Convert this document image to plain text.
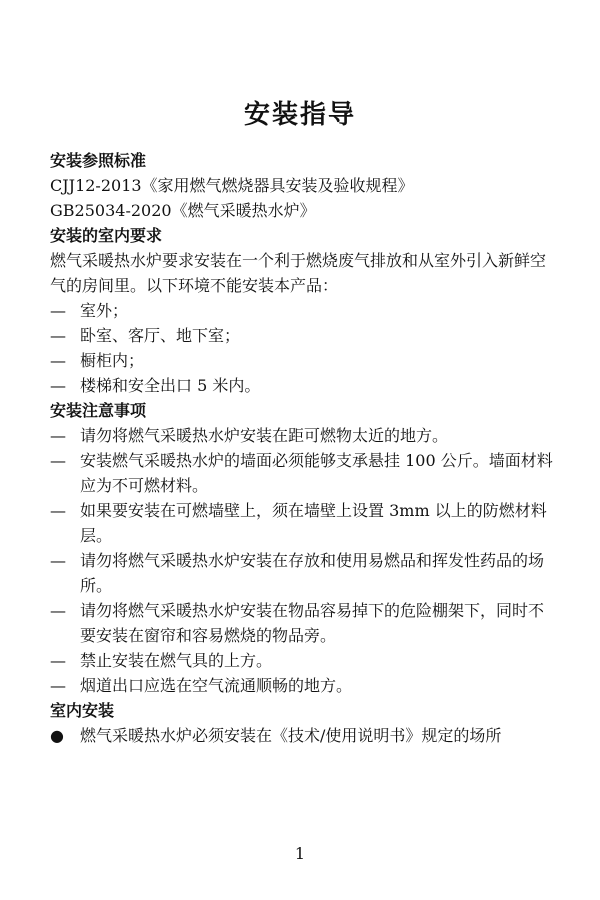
安装指导

安装参照标准

CJJ12-2013《家用燃气燃烧器具安装及验收规程》

GB25034-2020《燃气采暖热水炉》

安装的室内要求

燃气采暖热水炉要求安装在一个利于燃烧废气排放和从室外引入新鲜空气的房间里。以下环境不能安装本产品：

— 室外；
— 卧室、客厅、地下室；
— 橱柜内；
— 楼梯和安全出口 5 米内。

安装注意事项

— 请勿将燃气采暖热水炉安装在距可燃物太近的地方。
— 安装燃气采暖热水炉的墙面必须能够支承悬挂 100 公斤。墙面材料应为不可燃材料。
— 如果要安装在可燃墙壁上，须在墙壁上设置 3mm 以上的防燃材料层。
— 请勿将燃气采暖热水炉安装在存放和使用易燃品和挥发性药品的场所。
— 请勿将燃气采暖热水炉安装在物品容易掉下的危险棚架下，同时不要安装在窗帘和容易燃烧的物品旁。
— 禁止安装在燃气具的上方。
— 烟道出口应选在空气流通顺畅的地方。

室内安装

●	燃气采暖热水炉必须安装在《技术/使用说明书》规定的场所
1
